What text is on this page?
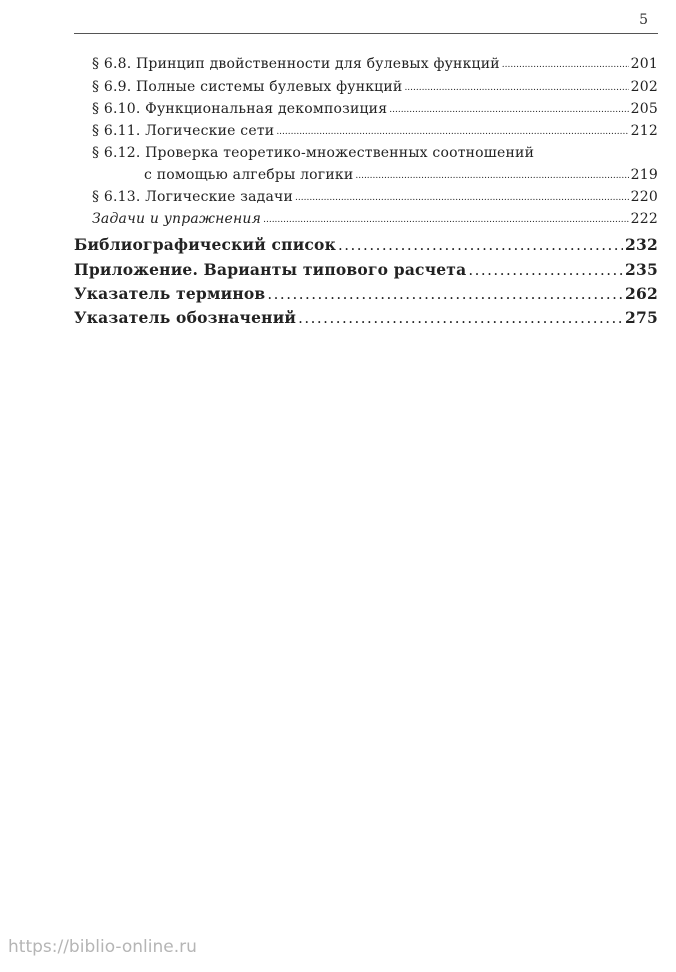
5
§ 6.8. Принцип двойственности для булевых функций .....	201
§ 6.9. Полные системы булевых функций .....	202
§ 6.10. Функциональная декомпозиция .....	205
§ 6.11. Логические сети .....	212
§ 6.12. Проверка теоретико-множественных соотношений
с помощью алгебры логики .....	219
§ 6.13. Логические задачи .....	220
Задачи и упражнения .....	222
Библиографический список .....	232
Приложение. Варианты типового расчета .....	235
Указатель терминов .....	262
Указатель обозначений .....	275
https://biblio-online.ru
